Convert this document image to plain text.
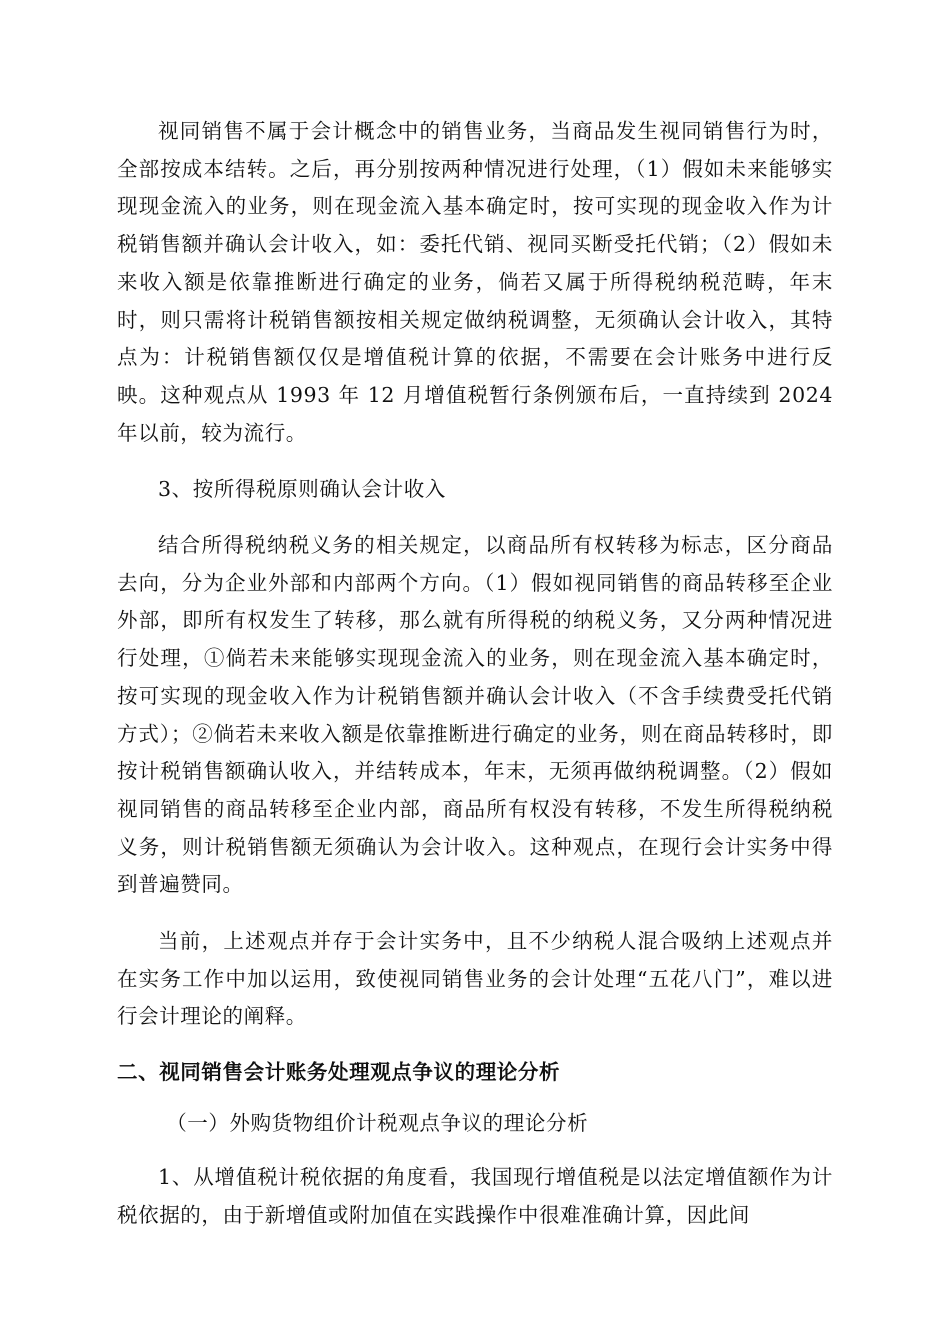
视同销售不属于会计概念中的销售业务，当商品发生视同销售行为时，全部按成本结转。之后，再分别按两种情况进行处理，（1）假如未来能够实现现金流入的业务，则在现金流入基本确定时，按可实现的现金收入作为计税销售额并确认会计收入，如：委托代销、视同买断受托代销；（2）假如未来收入额是依靠推断进行确定的业务，倘若又属于所得税纳税范畴，年末时，则只需将计税销售额按相关规定做纳税调整，无须确认会计收入，其特点为：计税销售额仅仅是增值税计算的依据，不需要在会计账务中进行反映。这种观点从 1993 年 12 月增值税暂行条例颁布后，一直持续到 2024 年以前，较为流行。

3、按所得税原则确认会计收入

结合所得税纳税义务的相关规定，以商品所有权转移为标志，区分商品去向，分为企业外部和内部两个方向。（1）假如视同销售的商品转移至企业外部，即所有权发生了转移，那么就有所得税的纳税义务，又分两种情况进行处理，①倘若未来能够实现现金流入的业务，则在现金流入基本确定时，按可实现的现金收入作为计税销售额并确认会计收入（不含手续费受托代销方式）；②倘若未来收入额是依靠推断进行确定的业务，则在商品转移时，即按计税销售额确认收入，并结转成本，年末，无须再做纳税调整。（2）假如视同销售的商品转移至企业内部，商品所有权没有转移，不发生所得税纳税义务，则计税销售额无须确认为会计收入。这种观点，在现行会计实务中得到普遍赞同。

当前，上述观点并存于会计实务中，且不少纳税人混合吸纳上述观点并在实务工作中加以运用，致使视同销售业务的会计处理“五花八门”，难以进行会计理论的阐释。

二、视同销售会计账务处理观点争议的理论分析

（一）外购货物组价计税观点争议的理论分析

1、从增值税计税依据的角度看，我国现行增值税是以法定增值额作为计税依据的，由于新增值或附加值在实践操作中很难准确计算，因此间
